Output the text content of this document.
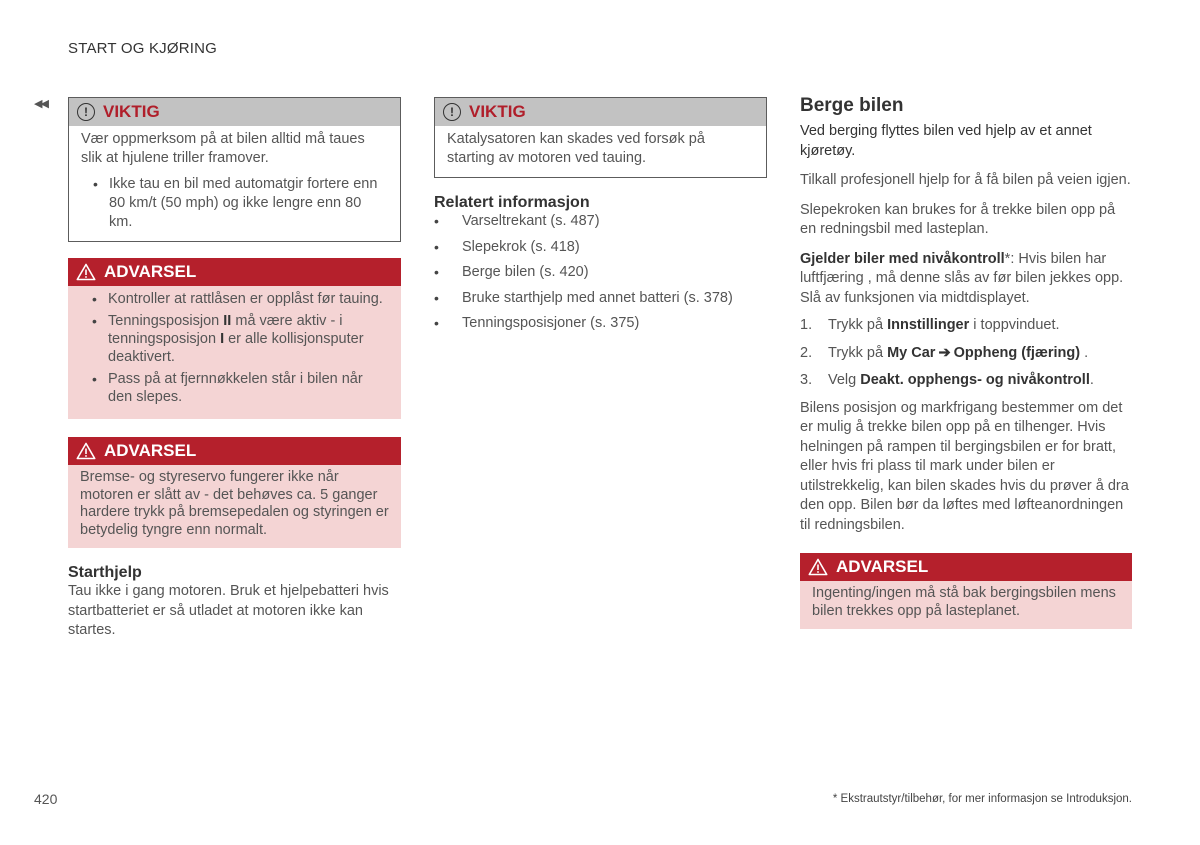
START OG KJØRING
◀◀
! VIKTIG

Vær oppmerksom på at bilen alltid må taues slik at hjulene triller framover.

• Ikke tau en bil med automatgir fortere enn 80 km/t (50 mph) og ikke lengre enn 80 km.
ADVARSEL
• Kontroller at rattlåsen er opplåst før tauing.
• Tenningsposisjon II må være aktiv - i tenningsposisjon I er alle kollisjonsputer deaktivert.
• Pass på at fjernnøkkelen står i bilen når den slepes.
ADVARSEL

Bremse- og styreservo fungerer ikke når motoren er slått av - det behøves ca. 5 ganger hardere trykk på bremsepedalen og styringen er betydelig tyngre enn normalt.

Starthjelp

Tau ikke i gang motoren. Bruk et hjelpebatteri hvis startbatteriet er så utladet at motoren ikke kan startes.

! VIKTIG

Katalysatoren kan skades ved forsøk på starting av motoren ved tauing.

Relatert informasjon
• Varseltrekant (s. 487)
• Slepekrok (s. 418)
• Berge bilen (s. 420)
• Bruke starthjelp med annet batteri (s. 378)
• Tenningsposisjoner (s. 375)
Berge bilen

Ved berging flyttes bilen ved hjelp av et annet kjøretøy.

Tilkall profesjonell hjelp for å få bilen på veien igjen.

Slepekroken kan brukes for å trekke bilen opp på en redningsbil med lasteplan.

Gjelder biler med nivåkontroll*: Hvis bilen har luftfjæring , må denne slås av før bilen jekkes opp. Slå av funksjonen via midtdisplayet.

1.	Trykk på Innstillinger i toppvinduet.
2.	Trykk på My Car ➔ Oppheng (fjæring) .
3.	Velg Deakt. opphengs- og nivåkontroll.

Bilens posisjon og markfrigang bestemmer om det er mulig å trekke bilen opp på en tilhenger. Hvis helningen på rampen til bergingsbilen er for bratt, eller hvis fri plass til mark under bilen er utilstrekkelig, kan bilen skades hvis du prøver å dra den opp. Bilen bør da løftes med løfteanordningen til redningsbilen.

ADVARSEL

Ingenting/ingen må stå bak bergingsbilen mens bilen trekkes opp på lasteplanet.

420	* Ekstrautstyr/tilbehør, for mer informasjon se Introduksjon.
